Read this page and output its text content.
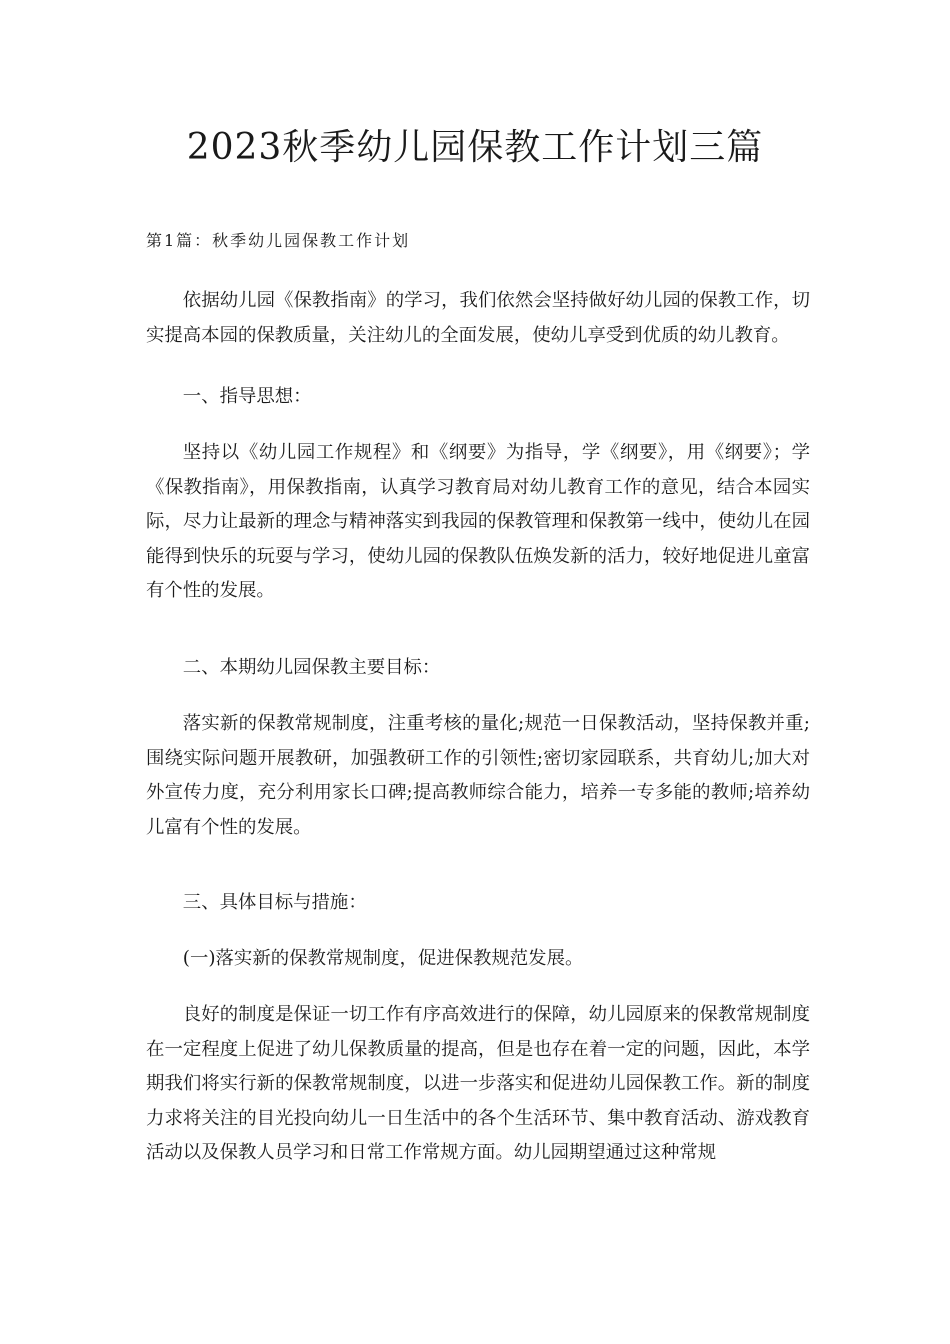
2023秋季幼儿园保教工作计划三篇

第1篇：秋季幼儿园保教工作计划

依据幼儿园《保教指南》的学习，我们依然会坚持做好幼儿园的保教工作，切实提高本园的保教质量，关注幼儿的全面发展，使幼儿享受到优质的幼儿教育。

一、指导思想：

坚持以《幼儿园工作规程》和《纲要》为指导，学《纲要》，用《纲要》；学《保教指南》，用保教指南，认真学习教育局对幼儿教育工作的意见，结合本园实际，尽力让最新的理念与精神落实到我园的保教管理和保教第一线中，使幼儿在园能得到快乐的玩耍与学习，使幼儿园的保教队伍焕发新的活力，较好地促进儿童富有个性的发展。

二、本期幼儿园保教主要目标：

落实新的保教常规制度，注重考核的量化;规范一日保教活动，坚持保教并重;围绕实际问题开展教研，加强教研工作的引领性;密切家园联系，共育幼儿;加大对外宣传力度，充分利用家长口碑;提高教师综合能力，培养一专多能的教师;培养幼儿富有个性的发展。

三、具体目标与措施：

(一)落实新的保教常规制度，促进保教规范发展。

良好的制度是保证一切工作有序高效进行的保障，幼儿园原来的保教常规制度在一定程度上促进了幼儿保教质量的提高，但是也存在着一定的问题，因此，本学期我们将实行新的保教常规制度，以进一步落实和促进幼儿园保教工作。新的制度力求将关注的目光投向幼儿一日生活中的各个生活环节、集中教育活动、游戏教育活动以及保教人员学习和日常工作常规方面。幼儿园期望通过这种常规
